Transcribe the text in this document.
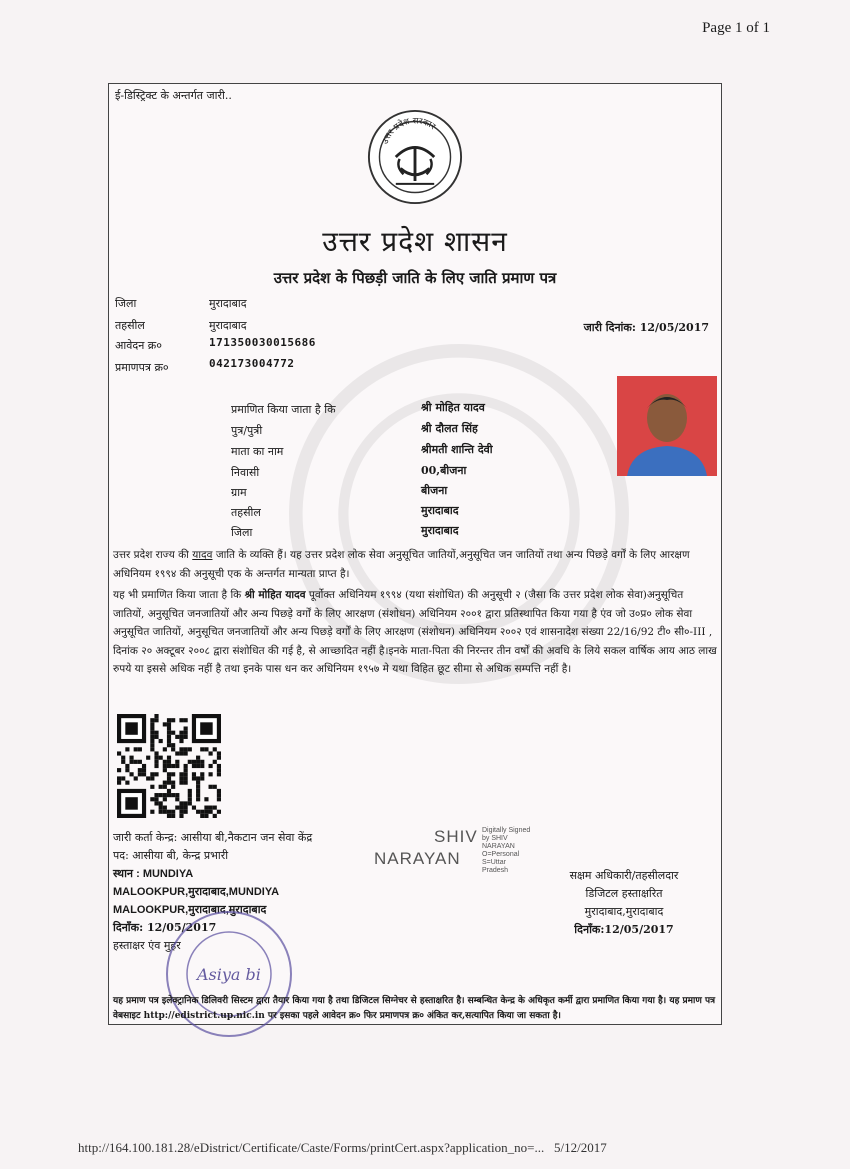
Page 1 of 1
ई-डिस्ट्रिक्ट के अन्तर्गत जारी..
उत्तर प्रदेश सरकार
उत्तर प्रदेश शासन
उत्तर प्रदेश के पिछड़ी जाति के लिए जाति प्रमाण पत्र
जिला	मुरादाबाद
तहसील	मुरादाबाद
आवेदन क्र०	171350030015686
प्रमाणपत्र क्र०	042173004772
जारी दिनांक: 12/05/2017
प्रमाणित किया जाता है कि	श्री मोहित यादव
पुत्र/पुत्री	श्री दौलत सिंह
माता का नाम	श्रीमती शान्ति देवी
निवासी	00,बीजना
ग्राम	बीजना
तहसील	मुरादाबाद
जिला	मुरादाबाद
उत्तर प्रदेश राज्य की यादव जाति के व्यक्ति हैं। यह उत्तर प्रदेश लोक सेवा अनुसूचित जातियों,अनुसूचित जन जातियों तथा अन्य पिछड़े वर्गों के लिए आरक्षण अधिनियम १९९४ की अनुसूची एक के अन्तर्गत मान्यता प्राप्त है।
यह भी प्रमाणित किया जाता है कि श्री मोहित यादव पूर्वोक्त अधिनियम १९९४ (यथा संशोधित) की अनुसूची २ (जैसा कि उत्तर प्रदेश लोक सेवा)अनुसूचित जातियों, अनुसूचित जनजातियों और अन्य पिछड़े वर्गों के लिए आरक्षण (संशोधन) अधिनियम २००१ द्वारा प्रतिस्थापित किया गया है एंव जो उ०प्र० लोक सेवा अनुसूचित जातियों, अनुसूचित जनजातियों और अन्य पिछड़े वर्गों के लिए आरक्षण (संशोधन) अधिनियम २००२ एवं शासनादेश संख्या 22/16/92 टी० सी०-III , दिनांक २० अक्टूबर २००८ द्वारा संशोधित की गई है, से आच्छादित नहीं है।इनके माता-पिता की निरन्तर तीन वर्षों की अवधि के लिये सकल वार्षिक आय आठ लाख रुपये या इससे अधिक नहीं है तथा इनके पास धन कर अधिनियम १९५७ मे यथा विहित छूट सीमा से अधिक सम्पत्ति नहीं है।
जारी कर्ता केन्द्र: आसीया बी,नैकटान जन सेवा केंद्र
पद: आसीया बी, केन्द्र प्रभारी
स्थान : MUNDIYA
MALOOKPUR,मुरादाबाद,MUNDIYA
MALOOKPUR,मुरादाबाद,मुरादाबाद
दिनाँक: 12/05/2017
हस्ताक्षर एंव मुहर
SHIV
NARAYAN
Digitally Signed
by SHIV
NARAYAN
O=Personal
S=Uttar
Pradesh	सक्षम अधिकारी/तहसीलदार
डिजिटल हस्ताक्षरित
मुरादाबाद,मुरादाबाद
दिनाँक:12/05/2017
Asiya bi
यह प्रमाण पत्र इलेक्ट्रानिक डिलिवरी सिस्टम द्वारा तैयार किया गया है तथा डिजिटल सिग्नेचर से हस्ताक्षरित है। सम्बन्धित केन्द्र के अधिकृत कर्मी द्वारा प्रमाणित किया गया है। यह प्रमाण पत्र वेबसाइट http://edistrict.up.nic.in पर इसका पहले आवेदन क्र० फिर प्रमाणपत्र क्र० अंकित कर,सत्यापित किया जा सकता है।
http://164.100.181.28/eDistrict/Certificate/Caste/Forms/printCert.aspx?application_no=... 5/12/2017
